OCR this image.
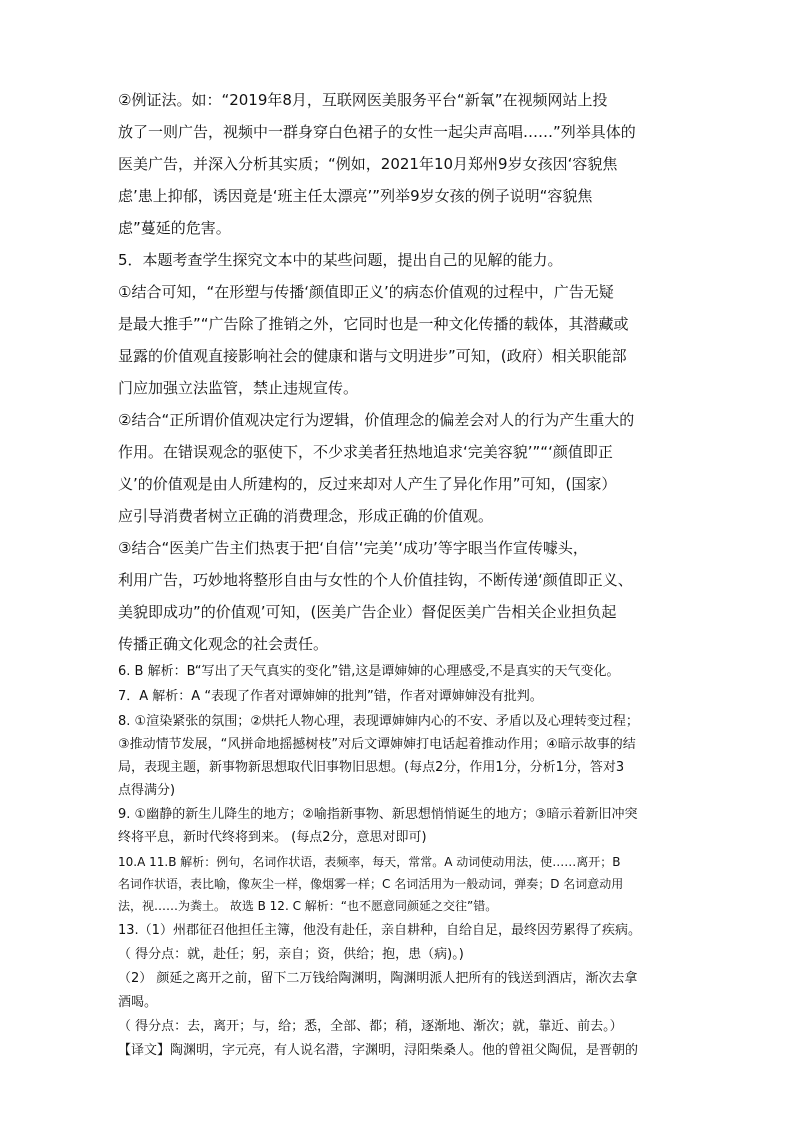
②例证法。如：“2019年8月，互联网医美服务平台“新氧”在视频网站上投
放了一则广告，视频中一群身穿白色裙子的女性一起尖声高唱……”列举具体的
医美广告，并深入分析其实质；“例如，2021年10月郑州9岁女孩因‘容貌焦
虑’患上抑郁，诱因竟是‘班主任太漂亮’”列举9岁女孩的例子说明“容貌焦
虑”蔓延的危害。
5．本题考查学生探究文本中的某些问题，提出自己的见解的能力。
①结合可知，“在形塑与传播‘颜值即正义’的病态价值观的过程中，广告无疑
是最大推手”“广告除了推销之外，它同时也是一种文化传播的载体，其潜藏或
显露的价值观直接影响社会的健康和谐与文明进步”可知，(政府）相关职能部
门应加强立法监管，禁止违规宣传。
②结合“正所谓价值观决定行为逻辑，价值理念的偏差会对人的行为产生重大的
作用。在错误观念的驱使下，不少求美者狂热地追求‘完美容貌’”“‘颜值即正
义’的价值观是由人所建构的，反过来却对人产生了异化作用”可知，(国家）
应引导消费者树立正确的消费理念，形成正确的价值观。
③结合“医美广告主们热衷于把‘自信’‘完美’‘成功’等字眼当作宣传噱头，
利用广告，巧妙地将整形自由与女性的个人价值挂钩，不断传递‘颜值即正义、
美貌即成功”的价值观’可知，(医美广告企业）督促医美广告相关企业担负起
传播正确文化观念的社会责任。
6. B 解析：B“写出了天气真实的变化”错,这是谭婶婶的心理感受,不是真实的天气变化。
7．A 解析：A “表现了作者对谭婶婶的批判”错，作者对谭婶婶没有批判。
8. ①渲染紧张的氛围；②烘托人物心理，表现谭婶婶内心的不安、矛盾以及心理转变过程；
③推动情节发展，“风拼命地摇撼树枝”对后文谭婶婶打电话起着推动作用；④暗示故事的结
局，表现主题，新事物新思想取代旧事物旧思想。(每点2分，作用1分，分析1分，答对3
点得满分)
9. ①幽静的新生儿降生的地方；②喻指新事物、新思想悄悄诞生的地方；③暗示着新旧冲突
终将平息，新时代终将到来。 (每点2分，意思对即可)
10.A 11.B 解析：例句，名词作状语，表频率，每天，常常。A 动词使动用法，使……离开；B
名词作状语，表比喻，像灰尘一样，像烟雾一样；C 名词活用为一般动词，弹奏；D 名词意动用
法，视……为粪土。 故选 B 12. C 解析：“也不愿意同颜延之交往”错。
13.（1）州郡征召他担任主簿，他没有赴任，亲自耕种，自给自足，最终因劳累得了疾病。
（ 得分点：就，赴任；躬，亲自；资，供给；抱，患（病)。)
（2） 颜延之离开之前，留下二万钱给陶渊明，陶渊明派人把所有的钱送到酒店，渐次去拿
酒喝。
（ 得分点：去，离开；与，给；悉，全部、都；稍，逐渐地、渐次；就，靠近、前去。）
【译文】陶渊明，字元亮，有人说名潜，字渊明，浔阳柴桑人。他的曾祖父陶侃，是晋朝的
